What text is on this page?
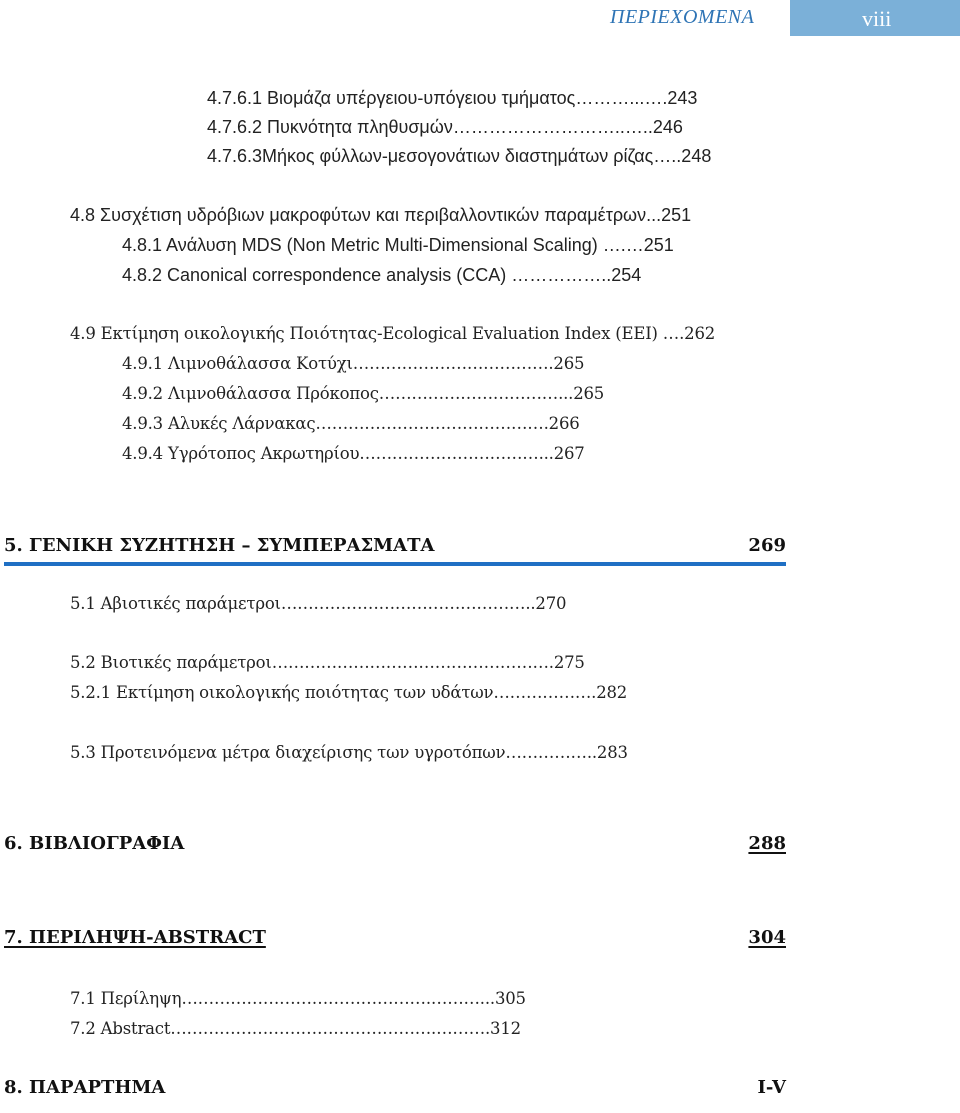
ΠΕΡΙΕΧΟΜΕΝΑ	viii
4.7.6.1 Βιομάζα υπέργειου-υπόγειου τμήματος………...….243
4.7.6.2 Πυκνότητα πληθυσμών………………………..…..246
4.7.6.3Μήκος φύλλων-μεσογονάτιων διαστημάτων ρίζας…..248
4.8 Συσχέτιση υδρόβιων μακροφύτων και περιβαλλοντικών παραμέτρων...251
4.8.1 Ανάλυση MDS (Non Metric Multi-Dimensional Scaling) ….…251
4.8.2 Canonical correspondence analysis (CCA) ……………..254
4.9 Εκτίμηση οικολογικής Ποιότητας-Ecological Evaluation Index (EEI) ….262
4.9.1 Λιμνοθάλασσα Κοτύχι……………………………….265
4.9.2 Λιμνοθάλασσα Πρόκοπος……………………………...265
4.9.3 Αλυκές Λάρνακας…………………………………….266
4.9.4 Υγρότοπος Ακρωτηρίου……………………………...267
5. ΓΕΝΙΚΗ ΣΥΖΗΤΗΣΗ – ΣΥΜΠΕΡΑΣΜΑΤΑ	269
5.1 Αβιοτικές παράμετροι………………………………………..270
5.2 Βιοτικές παράμετροι…………………………………………….275
5.2.1 Εκτίμηση οικολογικής ποιότητας των υδάτων……………….282
5.3 Προτεινόμενα μέτρα διαχείρισης των υγροτόπων……………..283
6. ΒΙΒΛΙΟΓΡΑΦΙΑ	288
7. ΠΕΡΙΛΗΨΗ-ABSTRACT	304
7.1 Περίληψη……………………………………….………...305
7.2 Abstract………………………………………….……….312
8. ΠΑΡΑΡΤΗΜΑ	I-V
